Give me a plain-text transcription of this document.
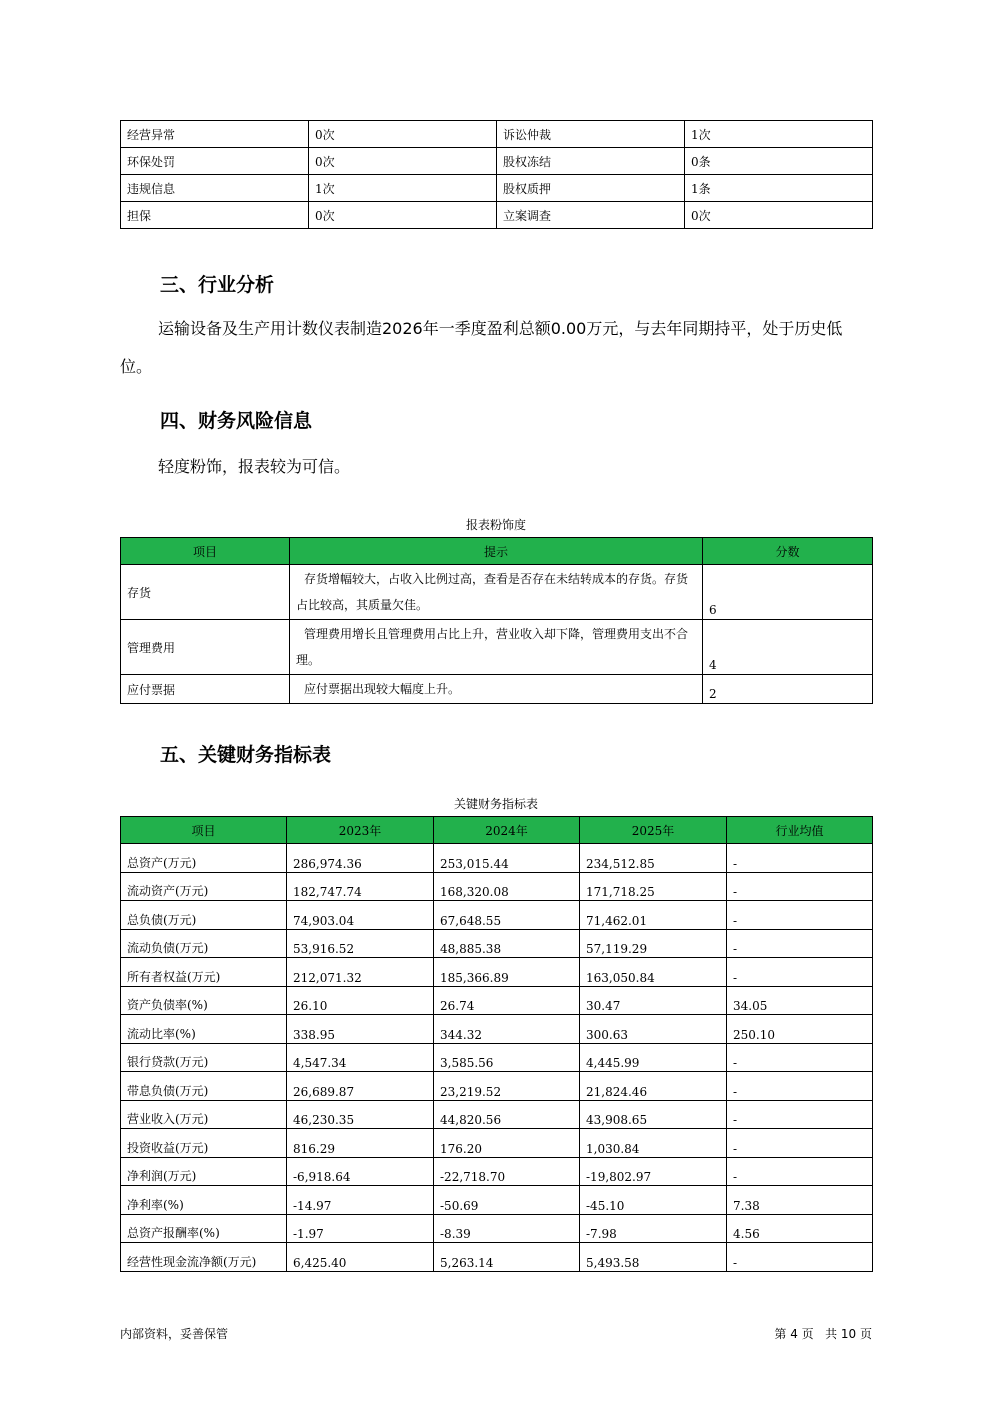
经营异常	0次	诉讼仲裁	1次
环保处罚	0次	股权冻结	0条
违规信息	1次	股权质押	1条
担保	0次	立案调查	0次
三、行业分析

运输设备及生产用计数仪表制造2026年一季度盈利总额0.00万元，与去年同期持平，处于历史低位。

四、财务风险信息

轻度粉饰，报表较为可信。

报表粉饰度
项目	提示	分数
存货	存货增幅较大，占收入比例过高，查看是否存在未结转成本的存货。存货占比较高，其质量欠佳。	6
管理费用	管理费用增长且管理费用占比上升，营业收入却下降，管理费用支出不合理。	4
应付票据	应付票据出现较大幅度上升。	2
五、关键财务指标表
关键财务指标表
项目	2023年	2024年	2025年	行业均值
总资产(万元)	286,974.36	253,015.44	234,512.85	-
流动资产(万元)	182,747.74	168,320.08	171,718.25	-
总负债(万元)	74,903.04	67,648.55	71,462.01	-
流动负债(万元)	53,916.52	48,885.38	57,119.29	-
所有者权益(万元)	212,071.32	185,366.89	163,050.84	-
资产负债率(%)	26.10	26.74	30.47	34.05
流动比率(%)	338.95	344.32	300.63	250.10
银行贷款(万元)	4,547.34	3,585.56	4,445.99	-
带息负债(万元)	26,689.87	23,219.52	21,824.46	-
营业收入(万元)	46,230.35	44,820.56	43,908.65	-
投资收益(万元)	816.29	176.20	1,030.84	-
净利润(万元)	-6,918.64	-22,718.70	-19,802.97	-
净利率(%)	-14.97	-50.69	-45.10	7.38
总资产报酬率(%)	-1.97	-8.39	-7.98	4.56
经营性现金流净额(万元)	6,425.40	5,263.14	5,493.58	-
内部资料，妥善保管	第 4 页   共 10 页
